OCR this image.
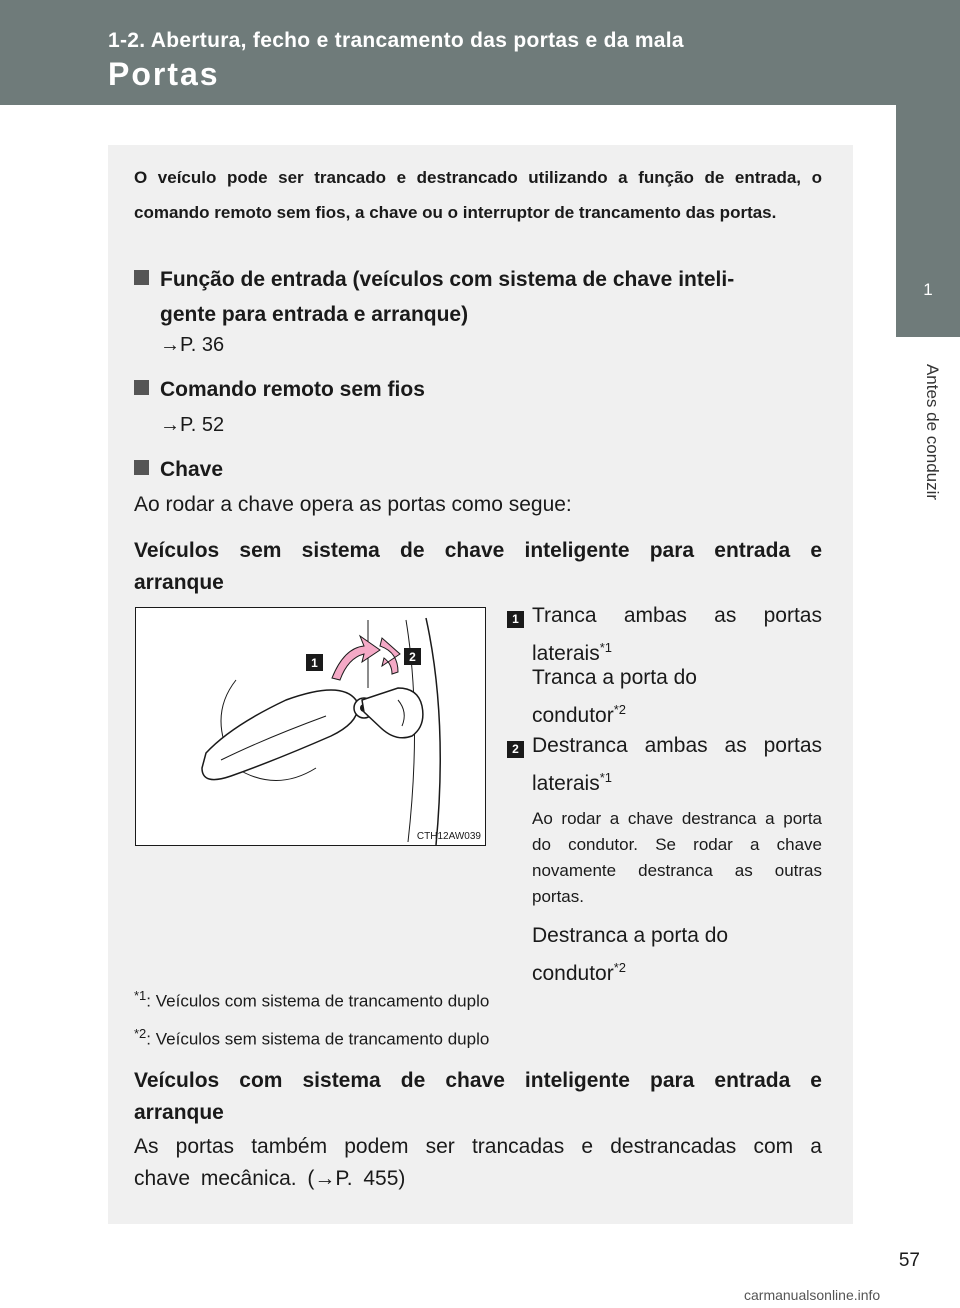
1-2. Abertura, fecho e trancamento das portas e da mala
Portas
1
Antes de conduzir
O veículo pode ser trancado e destrancado utilizando a função de entrada, o comando remoto sem fios, a chave ou o interruptor de trancamento das portas.
Função de entrada (veículos com sistema de chave inteli-
gente para entrada e arranque)
→P. 36
Comando remoto sem fios
→P. 52
Chave
Ao rodar a chave opera as portas como segue:
Veículos sem sistema de chave inteligente para entrada e arranque
1	2
CTH12AW039
1 Tranca ambas as portas laterais$^{*1}$
Tranca a porta do condutor$^{*2}$
2 Destranca ambas as portas laterais$^{*1}$
Ao rodar a chave destranca a porta do condutor. Se rodar a chave novamente destranca as outras portas.
Destranca a porta do condutor$^{*2}$
$^{*1}$: Veículos com sistema de trancamento duplo
$^{*2}$: Veículos sem sistema de trancamento duplo
Veículos com sistema de chave inteligente para entrada e arranque
As portas também podem ser trancadas e destrancadas com a chave mecânica. (→P. 455)
57
carmanualsonline.info
